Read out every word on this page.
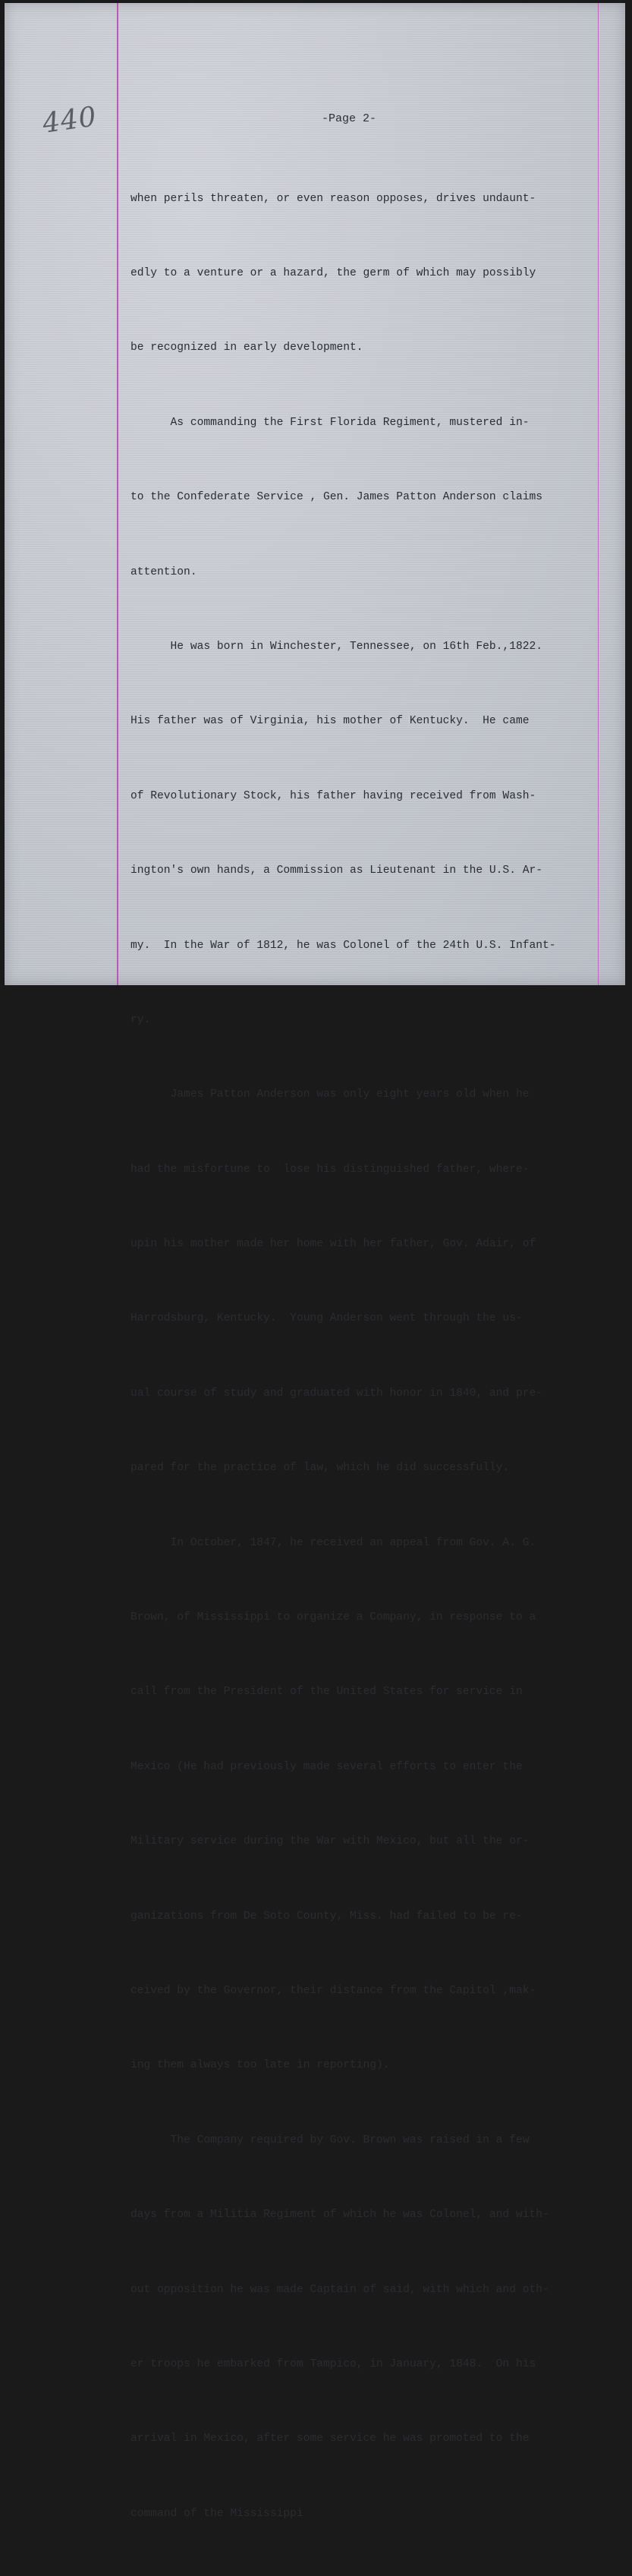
440	-Page 2-

when perils threaten, or even reason opposes, drives undaunt-

edly to a venture or a hazard, the germ of which may possibly

be recognized in early development.

As commanding the First Florida Regiment, mustered in-

to the Confederate Service , Gen. James Patton Anderson claims

attention.

He was born in Winchester, Tennessee, on 16th Feb.,1822.

His father was of Virginia, his mother of Kentucky.  He came

of Revolutionary Stock, his father having received from Wash-

ington's own hands, a Commission as Lieutenant in the U.S. Ar-

my.  In the War of 1812, he was Colonel of the 24th U.S. Infant-

ry.

James Patton Anderson was only eight years old when he

had the misfortune to  lose his distinguished father, where-

upin his mother made her home with her father, Gov. Adair, of

Harrodsburg, Kentucky.  Young Anderson went through the us-

ual course of study and graduated with honor in 1840, and pre-

pared for the practice of law, which he did successfully.

In October, 1847, he received an appeal from Gov. A. G.

Brown, of Mississippi to organize a Company, in response to a

call from the President of the United States for service in

Mexico (He had previously made several efforts to enter the

Military service during the War with Mexico, but all the or-

ganizations from De Soto County, Miss. had failed to be re-

ceived by the Governor, their distance from the Capitol ,mak-

ing them always too late in reporting).

The Company required by Gov. Brown was raised in a few

days from a Militia Regiment of which he was Colonel, and with-

out opposition he was made Captain of said, with which and oth-

er troops he embarked from Tampico, in January, 1848.  On his

arrival in Mexico, after some service he was promoted to the

command of the Mississippi
